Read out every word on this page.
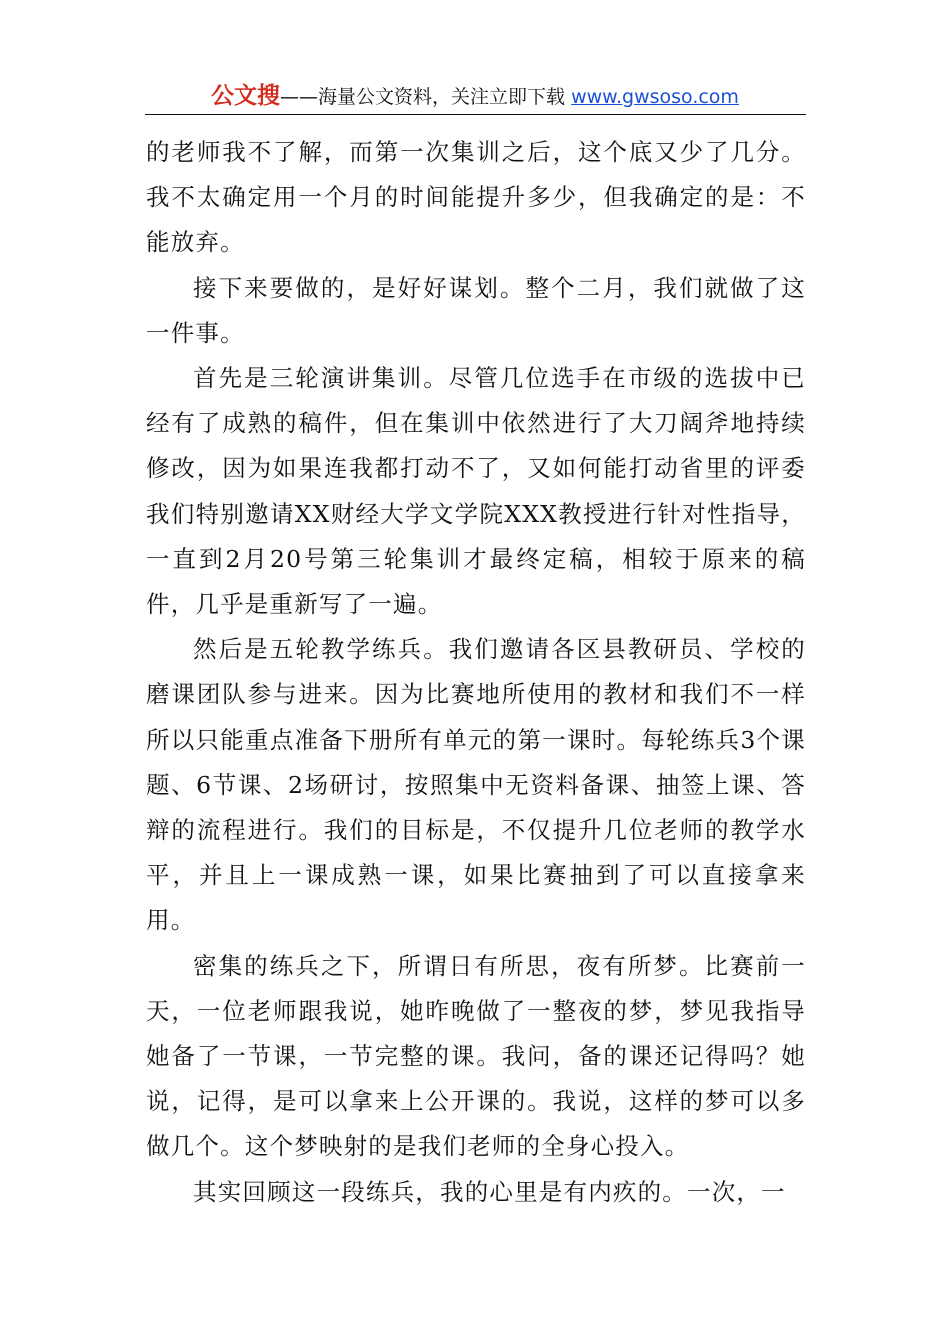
公文搜——海量公文资料，关注立即下载 www.gwsoso.com

的老师我不了解，而第一次集训之后，这个底又少了几分。我不太确定用一个月的时间能提升多少，但我确定的是：不能放弃。

接下来要做的，是好好谋划。整个二月，我们就做了这一件事。

首先是三轮演讲集训。尽管几位选手在市级的选拔中已经有了成熟的稿件，但在集训中依然进行了大刀阔斧地持续修改，因为如果连我都打动不了，又如何能打动省里的评委我们特别邀请XX财经大学文学院XXX教授进行针对性指导，一直到2月20号第三轮集训才最终定稿，相较于原来的稿件，几乎是重新写了一遍。

然后是五轮教学练兵。我们邀请各区县教研员、学校的磨课团队参与进来。因为比赛地所使用的教材和我们不一样所以只能重点准备下册所有单元的第一课时。每轮练兵3个课题、6节课、2场研讨，按照集中无资料备课、抽签上课、答辩的流程进行。我们的目标是，不仅提升几位老师的教学水平，并且上一课成熟一课，如果比赛抽到了可以直接拿来用。

密集的练兵之下，所谓日有所思，夜有所梦。比赛前一天，一位老师跟我说，她昨晚做了一整夜的梦，梦见我指导她备了一节课，一节完整的课。我问，备的课还记得吗？她说，记得，是可以拿来上公开课的。我说，这样的梦可以多做几个。这个梦映射的是我们老师的全身心投入。

其实回顾这一段练兵，我的心里是有内疚的。一次，一
